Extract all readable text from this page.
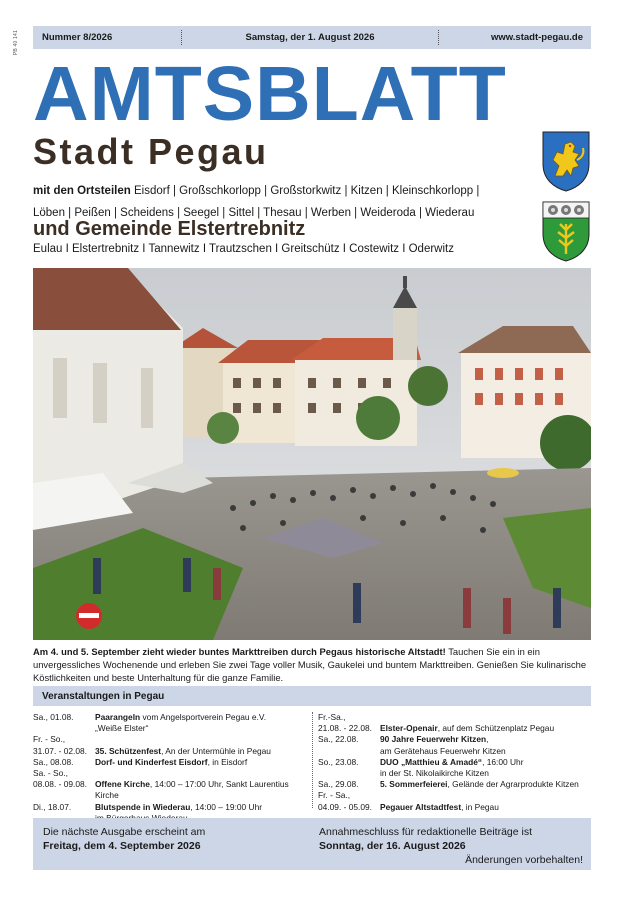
PB 40 141	Nummer 8/2026	Samstag, der 1. August 2026	www.stadt-pegau.de
AMTSBLATT
Stadt Pegau
mit den Ortsteilen Eisdorf | Großschkorlopp | Großstorkwitz | Kitzen | Kleinschkorlopp |
Löben | Peißen | Scheidens | Seegel | Sittel | Thesau | Werben | Weideroda | Wiederau
und Gemeinde Elstertrebnitz
Eulau I Elstertrebnitz I Tannewitz I Trautzschen I Greitschütz I Costewitz I Oderwitz
Am 4. und 5. September zieht wieder buntes Markttreiben durch Pegaus historische Altstadt! Tauchen Sie ein in ein unvergessliches Wochenende und erleben Sie zwei Tage voller Musik, Gaukelei und buntem Markttreiben. Genießen Sie kulinarische Köstlichkeiten und beste Unterhaltung für die ganze Familie.
Veranstaltungen in Pegau
Sa., 01.08.	Paarangeln vom Angelsportverein Pegau e.V.
„Weiße Elster“
Fr. - So.,
31.07. - 02.08. 35. Schützenfest, An der Untermühle in Pegau
Sa., 08.08.	Dorf- und Kinderfest Eisdorf, in Eisdorf
Sa. - So.,
08.08. - 09.08. Offene Kirche, 14:00 – 17:00 Uhr, Sankt Laurentius Kirche
Di., 18.07.	Blutspende in Wiederau, 14:00 – 19:00 Uhr

Fr.-Sa.,
21.08. - 22.08. Elster-Openair, auf dem Schützenplatz Pegau
Sa., 22.08.	90 Jahre Feuerwehr Kitzen,
am Gerätehaus Feuerwehr Kitzen
So., 23.08.	DUO „Matthieu & Amadé“, 16:00 Uhr
in der St. Nikolaikirche Kitzen
Sa., 29.08.	5. Sommerfeierei, Gelände der Agrarprodukte Kitzen
Fr. - Sa.,
04.09. - 05.09. Pegauer Altstadtfest, in Pegau
Die nächste Ausgabe erscheint am
Freitag, dem 4. September 2026
Annahmeschluss für redaktionelle Beiträge ist
Sonntag, der 16. August 2026
Änderungen vorbehalten!
